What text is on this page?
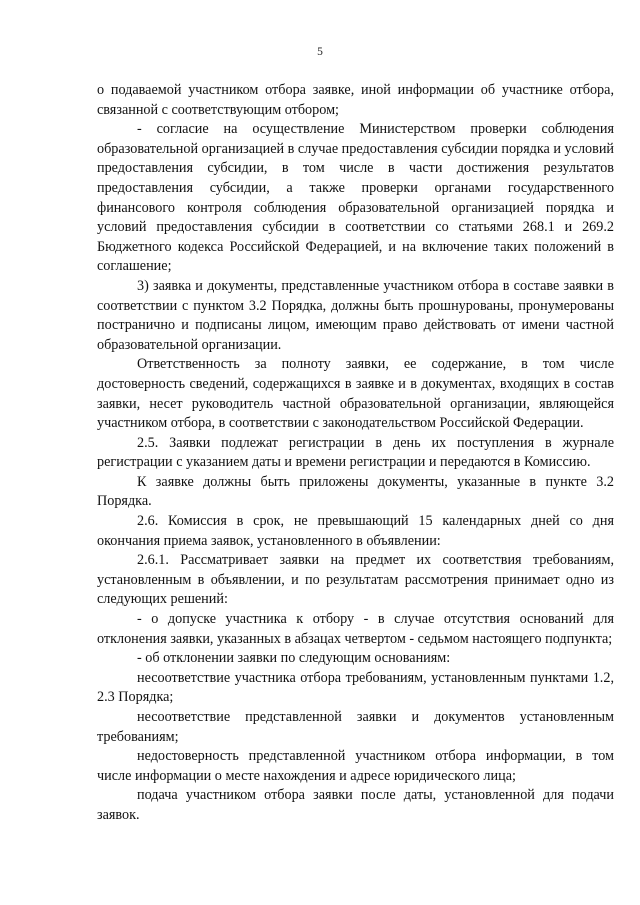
5

о подаваемой участником отбора заявке, иной информации об участнике отбора, связанной с соответствующим отбором;

- согласие на осуществление Министерством проверки соблюдения образовательной организацией в случае предоставления субсидии порядка и условий предоставления субсидии, в том числе в части достижения результатов предоставления субсидии, а также проверки органами государственного финансового контроля соблюдения образовательной организацией порядка и условий предоставления субсидии в соответствии со статьями 268.1 и 269.2 Бюджетного кодекса Российской Федерацией, и на включение таких положений в соглашение;

3) заявка и документы, представленные участником отбора в составе заявки в соответствии с пунктом 3.2 Порядка, должны быть прошнурованы, пронумерованы постранично и подписаны лицом, имеющим право действовать от имени частной образовательной организации.

Ответственность за полноту заявки, ее содержание, в том числе достоверность сведений, содержащихся в заявке и в документах, входящих в состав заявки, несет руководитель частной образовательной организации, являющейся участником отбора, в соответствии с законодательством Российской Федерации.

2.5. Заявки подлежат регистрации в день их поступления в журнале регистрации с указанием даты и времени регистрации и передаются в Комиссию.

К заявке должны быть приложены документы, указанные в пункте 3.2 Порядка.

2.6. Комиссия в срок, не превышающий 15 календарных дней со дня окончания приема заявок, установленного в объявлении:

2.6.1. Рассматривает заявки на предмет их соответствия требованиям, установленным в объявлении, и по результатам рассмотрения принимает одно из следующих решений:

- о допуске участника к отбору - в случае отсутствия оснований для отклонения заявки, указанных в абзацах четвертом - седьмом настоящего подпункта;

- об отклонении заявки по следующим основаниям:

несоответствие участника отбора требованиям, установленным пунктами 1.2, 2.3 Порядка;

несоответствие представленной заявки и документов установленным требованиям;

недостоверность представленной участником отбора информации, в том числе информации о месте нахождения и адресе юридического лица;

подача участником отбора заявки после даты, установленной для подачи заявок.
